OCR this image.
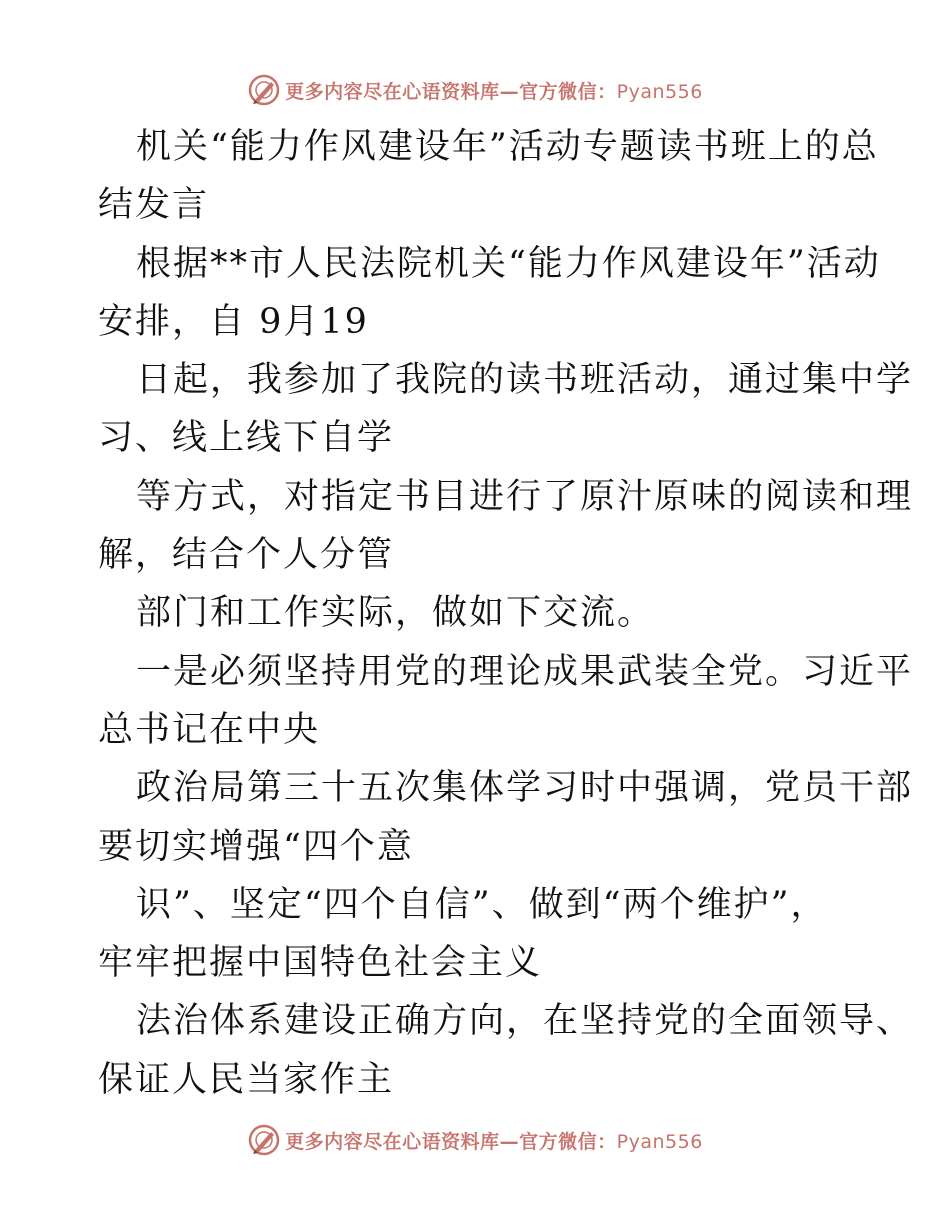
更多内容尽在心语资料库—官方微信：Pyan556
机关“能力作风建设年”活动专题读书班上的总
结发言
根据**市人民法院机关“能力作风建设年”活动
安排，自 9月19
日起，我参加了我院的读书班活动，通过集中学
习、线上线下自学
等方式，对指定书目进行了原汁原味的阅读和理
解，结合个人分管
部门和工作实际，做如下交流。
一是必须坚持用党的理论成果武装全党。习近平
总书记在中央
政治局第三十五次集体学习时中强调，党员干部
要切实增强“四个意
识”、坚定“四个自信”、做到“两个维护”，
牢牢把握中国特色社会主义
法治体系建设正确方向，在坚持党的全面领导、
保证人民当家作主
更多内容尽在心语资料库—官方微信：Pyan556
